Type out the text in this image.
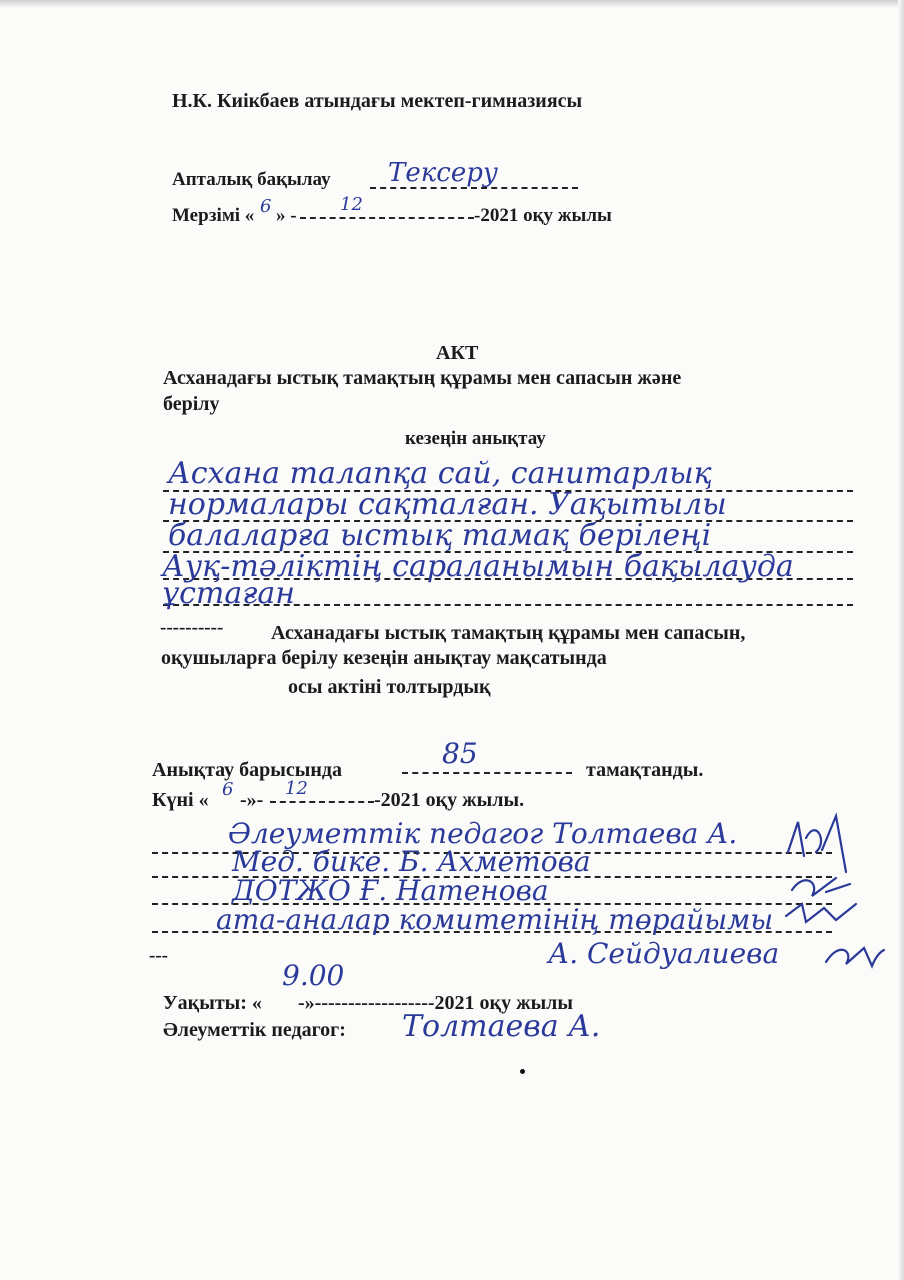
Н.К. Киікбаев атындағы мектеп-гимназиясы
Апталық бақылау Тексеру
Мерзімі « 6 » -
12
-2021 оқу жылы
АКТ
Асханадағы ыстық тамақтың құрамы мен сапасын және
берілу
кезеңін анықтау
Асхана талапқа сай, санитарлық
нормалары сақталған. Уақытылы
балаларға ыстық тамақ берілеңі
Ауқ-тәліктің сараланымын бақылауда
ұстаған
---------- Асханадағы ыстық тамақтың құрамы мен сапасын,
оқушыларға берілу кезеңін анықтау мақсатында
осы актіні толтырдық
Анықтау барысында	85	тамақтанды.
Күні « 6 -»-
12
-2021 оқу жылы.
---
Әлеуметтік педагог Толтаева А.
Мед. бике. Б. Ахметова
ДОТЖО Ғ. Натенова
ата-аналар комитетінің төрайымы
А. Сейдуалиева
Уақыты: «
9.00
-»------------------2021 оқу жылы
Әлеуметтік педагог: Толтаева А.
